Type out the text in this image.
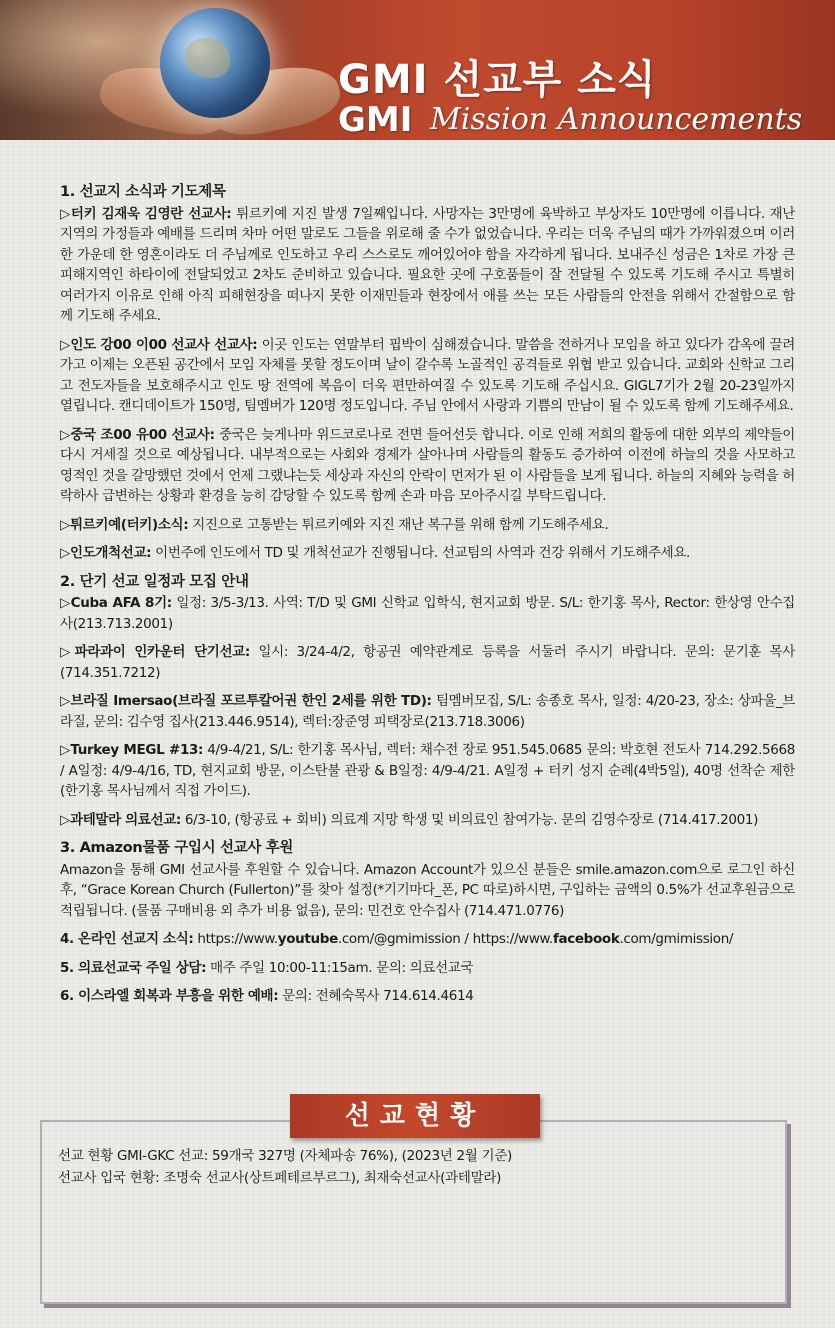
GMI 선교부 소식
GMI Mission Announcements
1. 선교지 소식과 기도제목
▷터키 김재욱 김영란 선교사: 튀르키예 지진 발생 7일째입니다. 사망자는 3만명에 육박하고 부상자도 10만명에 이릅니다. 재난 지역의 가정들과 예배를 드리며 차마 어떤 말로도 그들을 위로해 줄 수가 없었습니다. 우리는 더욱 주님의 때가 가까워졌으며 이러한 가운데 한 영혼이라도 더 주님께로 인도하고 우리 스스로도 깨어있어야 함을 자각하게 됩니다. 보내주신 성금은 1차로 가장 큰 피해지역인 하타이에 전달되었고 2차도 준비하고 있습니다. 필요한 곳에 구호품들이 잘 전달될 수 있도록 기도해 주시고 특별히 여러가지 이유로 인해 아직 피해현장을 떠나지 못한 이재민들과 현장에서 애를 쓰는 모든 사람들의 안전을 위해서 간절함으로 함께 기도해 주세요.
▷인도 강00 이00 선교사 선교사: 이곳 인도는 연말부터 핍박이 심해졌습니다. 말씀을 전하거나 모임을 하고 있다가 감옥에 끌려가고 이제는 오픈된 공간에서 모임 자체를 못할 정도이며 날이 갈수록 노골적인 공격들로 위협 받고 있습니다. 교회와 신학교 그리고 전도자들을 보호해주시고 인도 땅 전역에 복음이 더욱 편만하여질 수 있도록 기도해 주십시요. GIGL7기가 2월 20-23일까지 열립니다. 캔디데이트가 150명, 팀멤버가 120명 정도입니다. 주님 안에서 사랑과 기쁨의 만남이 될 수 있도록 함께 기도해주세요.
▷중국 조00 유00 선교사: 중국은 늦게나마 위드코로나로 전면 들어선듯 합니다. 이로 인해 저희의 활동에 대한 외부의 제약들이 다시 거세질 것으로 예상됩니다. 내부적으로는 사회와 경제가 살아나며 사람들의 활동도 증가하여 이전에 하늘의 것을 사모하고 영적인 것을 갈망했던 것에서 언제 그랬냐는듯 세상과 자신의 안락이 먼저가 된 이 사람들을 보게 됩니다. 하늘의 지혜와 능력을 허락하사 급변하는 상황과 환경을 능히 감당할 수 있도록 함께 손과 마음 모아주시길 부탁드립니다.
▷튀르키예(터키)소식: 지진으로 고통받는 튀르키예와 지진 재난 복구를 위해 함께 기도해주세요.
▷인도개척선교: 이번주에 인도에서 TD 및 개척선교가 진행됩니다. 선교팀의 사역과 건강 위해서 기도해주세요.
2. 단기 선교 일정과 모집 안내
▷Cuba AFA 8기: 일정: 3/5-3/13. 사역: T/D 및 GMI 신학교 입학식, 현지교회 방문. S/L: 한기홍 목사, Rector: 한상영 안수집사(213.713.2001)
▷파라과이 인카운터 단기선교: 일시: 3/24-4/2, 항공권 예약관계로 등록을 서둘러 주시기 바랍니다. 문의: 문기훈 목사 (714.351.7212)
▷브라질 Imersao(브라질 포르투칼어권 한인 2세를 위한 TD): 팀멤버모집, S/L: 송종호 목사, 일정: 4/20-23, 장소: 상파울_브라질, 문의: 김수영 집사(213.446.9514), 렉터:장준영 피택장로(213.718.3006)
▷Turkey MEGL #13: 4/9-4/21, S/L: 한기홍 목사님, 렉터: 채수전 장로 951.545.0685 문의: 박호현 전도사 714.292.5668 / A일정: 4/9-4/16, TD, 현지교회 방문, 이스탄불 관광 & B일정: 4/9-4/21. A일정 + 터키 성지 순례(4박5일), 40명 선착순 제한(한기홍 목사님께서 직접 가이드).
▷과테말라 의료선교: 6/3-10, (항공료 + 회비) 의료계 지망 학생 및 비의료인 참여가능. 문의 김영수장로 (714.417.2001)
3. Amazon물품 구입시 선교사 후원
Amazon을 통해 GMI 선교사를 후원할 수 있습니다. Amazon Account가 있으신 분들은 smile.amazon.com으로 로그인 하신 후, “Grace Korean Church (Fullerton)”를 찾아 설정(*기기마다_폰, PC 따로)하시면, 구입하는 금액의 0.5%가 선교후원금으로 적립됩니다. (물품 구매비용 외 추가 비용 없음), 문의: 민건호 안수집사 (714.471.0776)
4. 온라인 선교지 소식: https://www.youtube.com/@gmimission / https://www.facebook.com/gmimission/
5. 의료선교국 주일 상담: 매주 주일 10:00-11:15am. 문의: 의료선교국
6. 이스라엘 회복과 부흥을 위한 예배: 문의: 전혜숙목사 714.614.4614
선교현황
선교 현황 GMI-GKC 선교: 59개국 327명 (자체파송 76%), (2023년 2월 기준)
선교사 입국 현황: 조명숙 선교사(상트페테르부르그), 최재숙선교사(과테말라)
